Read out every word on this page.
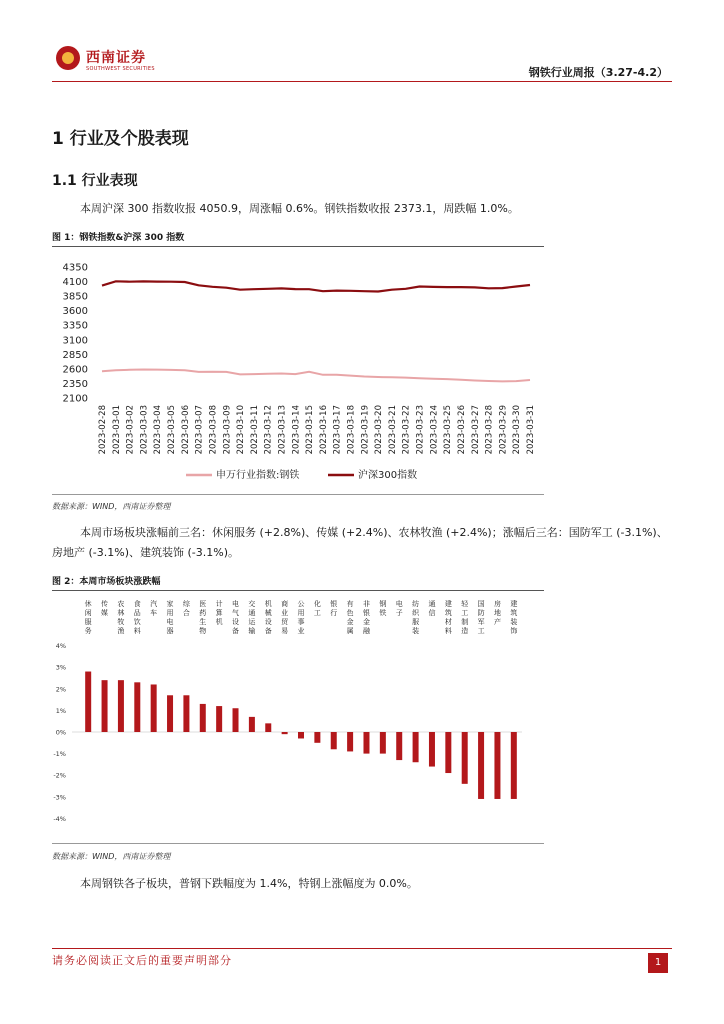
西南证券
SOUTHWEST SECURITIES	钢铁行业周报（3.27-4.2）
1 行业及个股表现
1.1 行业表现

本周沪深 300 指数收报 4050.9，周涨幅 0.6%。钢铁指数收报 2373.1，周跌幅 1.0%。

图 1：钢铁指数&沪深 300 指数
2100
2350
2600
2850
3100
3350
3600
3850
4100
4350
2023-02-28 2023-03-01 2023-03-02 2023-03-03 2023-03-04 2023-03-05 2023-03-06 2023-03-07 2023-03-08 2023-03-09 2023-03-10 2023-03-11 2023-03-12 2023-03-13 2023-03-14 2023-03-15 2023-03-16 2023-03-17 2023-03-18 2023-03-19 2023-03-20 2023-03-21 2023-03-22 2023-03-23 2023-03-24 2023-03-25 2023-03-26 2023-03-27 2023-03-28 2023-03-29 2023-03-30 2023-03-31
申万行业指数:钢铁	沪深300指数
数据来源：WIND，西南证券整理

本周市场板块涨幅前三名：休闲服务 (+2.8%)、传媒 (+2.4%)、农林牧渔 (+2.4%)；涨幅后三名：国防军工 (-3.1%)、房地产 (-3.1%)、建筑装饰 (-3.1%)。

图 2：本周市场板块涨跌幅
休闲服务
传媒
农林牧渔
食品饮料
汽车
家用电器
综合
医药生物
计算机
电气设备
交通运输
机械设备
商业贸易
公用事业
化工
银行
有色金属
非银金融
钢铁
电子
纺织服装
通信
建筑材料
轻工制造
国防军工
房地产
建筑装饰
4%
3%
2%
1%
0%
-1%
-2%
-3%
-4%
数据来源：WIND，西南证券整理

本周钢铁各子板块，普钢下跌幅度为 1.4%，特钢上涨幅度为 0.0%。

请务必阅读正文后的重要声明部分	1
